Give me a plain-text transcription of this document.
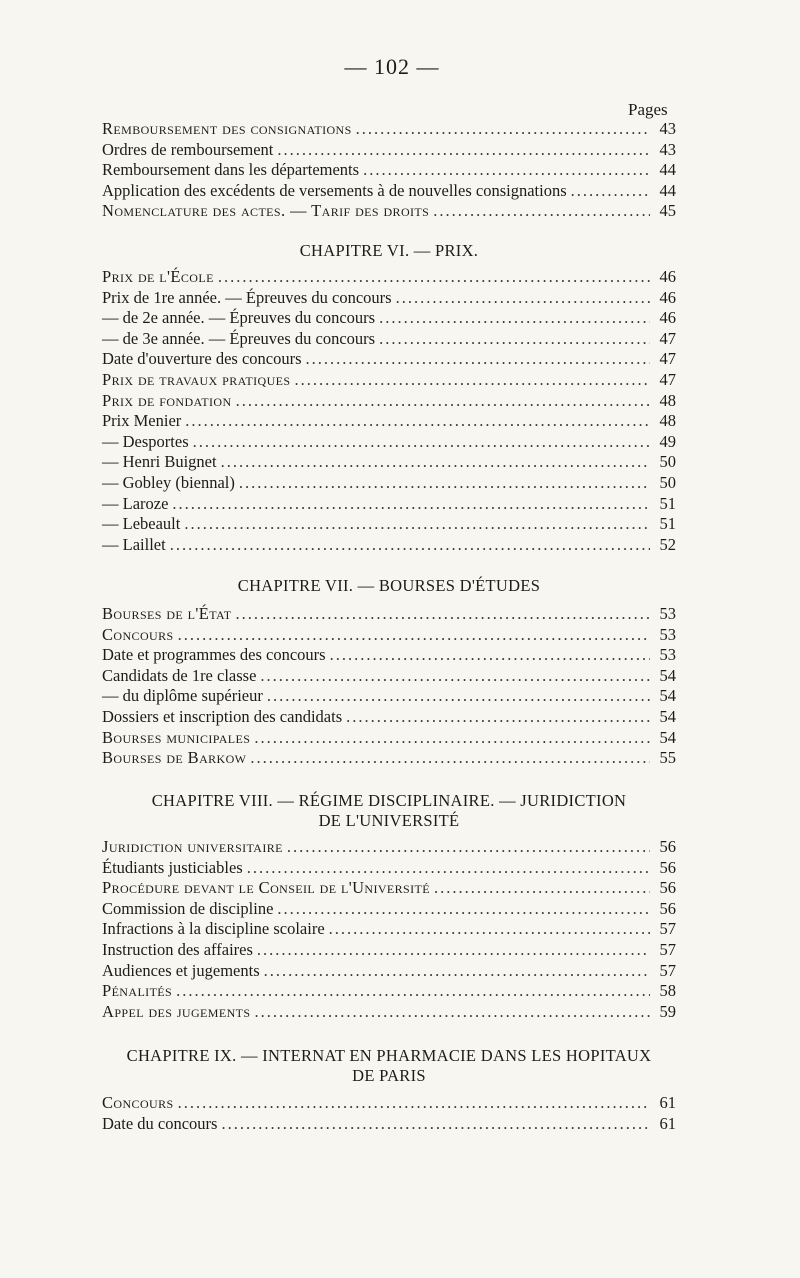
— 102 —
Pages
Remboursement des consignations .....	43
Ordres de remboursement .....	43
Remboursement dans les départements .....	44
Application des excédents de versements à de nouvelles consignations .....	44
Nomenclature des actes. — Tarif des droits .....	45
CHAPITRE VI. — PRIX.
Prix de l'École .....	46
Prix de 1re année. — Épreuves du concours .....	46
— de 2e année. — Épreuves du concours .....	46
— de 3e année. — Épreuves du concours .....	47
Date d'ouverture des concours .....	47
Prix de travaux pratiques .....	47
Prix de fondation .....	48
Prix Menier .....	48
— Desportes .....	49
— Henri Buignet .....	50
— Gobley (biennal) .....	50
— Laroze .....	51
— Lebeault .....	51
— Laillet .....	52
CHAPITRE VII. — BOURSES D'ÉTUDES
Bourses de l'État .....	53
Concours .....	53
Date et programmes des concours .....	53
Candidats de 1re classe .....	54
— du diplôme supérieur .....	54
Dossiers et inscription des candidats .....	54
Bourses municipales .....	54
Bourses de Barkow .....	55
CHAPITRE VIII. — RÉGIME DISCIPLINAIRE. — JURIDICTION
DE L'UNIVERSITÉ
Juridiction universitaire .....	56
Étudiants justiciables .....	56
Procédure devant le Conseil de l'Université .....	56
Commission de discipline .....	56
Infractions à la discipline scolaire .....	57
Instruction des affaires .....	57
Audiences et jugements .....	57
Pénalités .....	58
Appel des jugements .....	59
CHAPITRE IX. — INTERNAT EN PHARMACIE DANS LES HOPITAUX
DE PARIS
Concours .....	61
Date du concours .....	61
